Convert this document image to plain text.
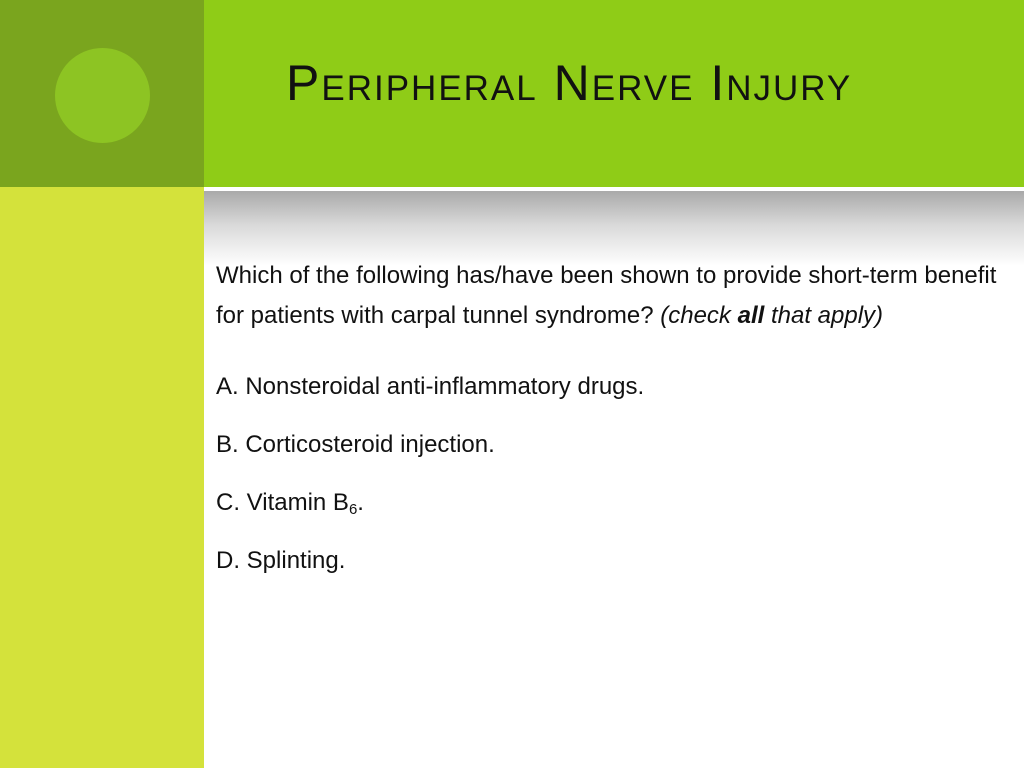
Peripheral Nerve Injury

Which of the following has/have been shown to provide short-term benefit for patients with carpal tunnel syndrome? (check all that apply)

A. Nonsteroidal anti-inflammatory drugs.
B. Corticosteroid injection.
C. Vitamin $B_6$.
D. Splinting.
